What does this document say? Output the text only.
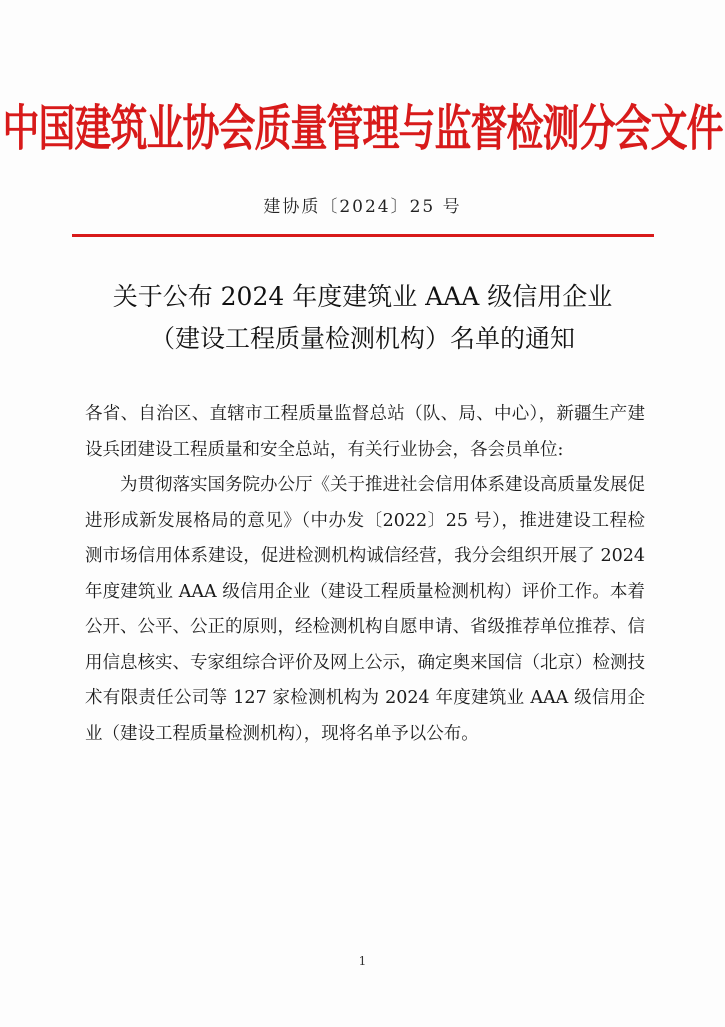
中国建筑业协会质量管理与监督检测分会文件
建协质〔2024〕25 号
关于公布 2024 年度建筑业 AAA 级信用企业
（建设工程质量检测机构）名单的通知

各省、自治区、直辖市工程质量监督总站（队、局、中心），新疆生产建设兵团建设工程质量和安全总站，有关行业协会，各会员单位:

为贯彻落实国务院办公厅《关于推进社会信用体系建设高质量发展促进形成新发展格局的意见》（中办发〔2022〕25 号），推进建设工程检测市场信用体系建设，促进检测机构诚信经营，我分会组织开展了 2024 年度建筑业 AAA 级信用企业（建设工程质量检测机构）评价工作。本着公开、公平、公正的原则，经检测机构自愿申请、省级推荐单位推荐、信用信息核实、专家组综合评价及网上公示，确定奥来国信（北京）检测技术有限责任公司等 127 家检测机构为 2024 年度建筑业 AAA 级信用企业（建设工程质量检测机构），现将名单予以公布。

1
